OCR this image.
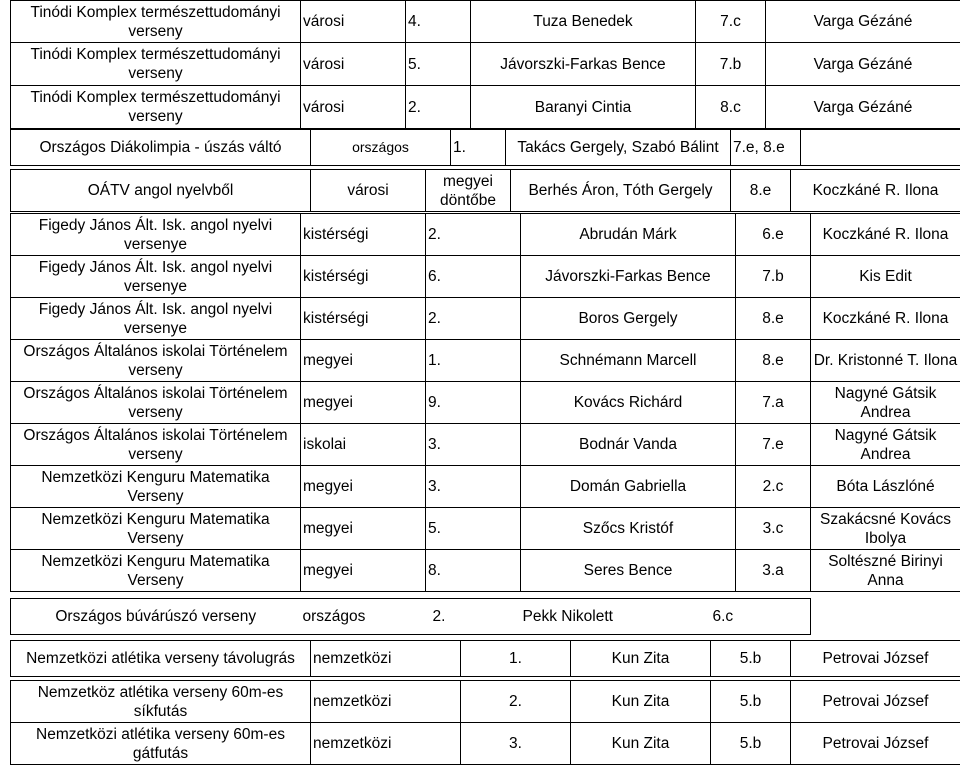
Tinódi Komplex természettudományi verseny	városi	4.	Tuza Benedek	7.c	Varga Gézáné
Tinódi Komplex természettudományi verseny	városi	5.	Jávorszki-Farkas Bence	7.b	Varga Gézáné
Tinódi Komplex természettudományi verseny	városi	2.	Baranyi Cintia	8.c	Varga Gézáné
Országos Diákolimpia - úszás váltó	országos	1.	Takács Gergely, Szabó Bálint	7.e, 8.e	
OÁTV angol nyelvből	városi	megyei döntőbe	Berhés Áron, Tóth Gergely	8.e	Koczkáné R. Ilona
Figedy János Ált. Isk. angol nyelvi versenye	kistérségi	2.	Abrudán Márk	6.e	Koczkáné R. Ilona
Figedy János Ált. Isk. angol nyelvi versenye	kistérségi	6.	Jávorszki-Farkas Bence	7.b	Kis Edit
Figedy János Ált. Isk. angol nyelvi versenye	kistérségi	2.	Boros Gergely	8.e	Koczkáné R. Ilona
Országos Általános iskolai Történelem verseny	megyei	1.	Schnémann Marcell	8.e	Dr. Kristonné T. Ilona
Országos Általános iskolai Történelem verseny	megyei	9.	Kovács Richárd	7.a	Nagyné Gátsik Andrea
Országos Általános iskolai Történelem verseny	iskolai	3.	Bodnár Vanda	7.e	Nagyné Gátsik Andrea
Nemzetközi Kenguru Matematika Verseny	megyei	3.	Domán Gabriella	2.c	Bóta Lászlóné
Nemzetközi Kenguru Matematika Verseny	megyei	5.	Szőcs Kristóf	3.c	Szakácsné Kovács Ibolya
Nemzetközi Kenguru Matematika Verseny	megyei	8.	Seres Bence	3.a	Soltészné Birinyi Anna
Országos búvárúszó verseny	országos	2.	Pekk Nikolett	6.c
Nemzetközi atlétika verseny távolugrás	nemzetközi	1.	Kun Zita	5.b	Petrovai József
Nemzetköz atlétika verseny 60m-es síkfutás	nemzetközi	2.	Kun Zita	5.b	Petrovai József
Nemzetközi atlétika verseny 60m-es gátfutás	nemzetközi	3.	Kun Zita	5.b	Petrovai József
